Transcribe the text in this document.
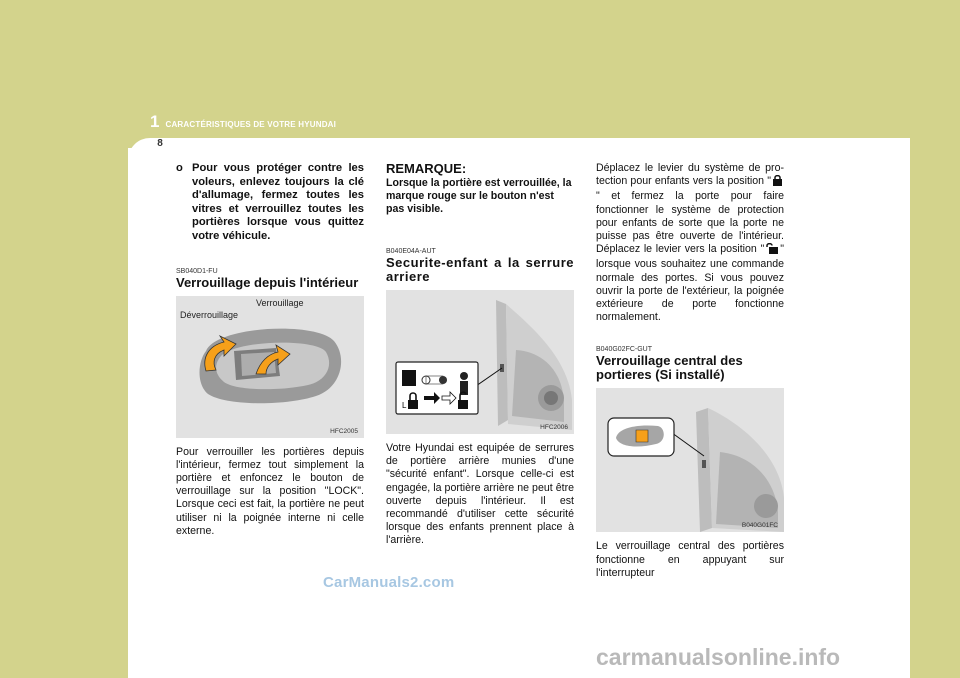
1 CARACTÉRISTIQUES DE VOTRE HYUNDAI
8
o Pour vous protéger contre les voleurs, enlevez toujours la clé d'allumage, fermez toutes les vitres et verrouillez toutes les portières lorsque vous quittez votre véhicule.

SB040D1-FU

Verrouillage depuis l'intérieur

Déverrouillage
Verrouillage
HFC2005

Pour verrouiller les portières depuis l'intérieur, fermez tout simplement la portière et enfoncez le bouton de verrouillage sur la position "LOCK". Lorsque ceci est fait, la portière ne peut utiliser ni la poignée interne ni celle externe.

REMARQUE:

Lorsque la portière est verrouillée, la marque rouge sur le bouton n'est pas visible.

B040E04A-AUT

Securite-enfant a la serrure arriere

L
HFC2006

Votre Hyundai est equipée de serrures de portière arrière munies d'une "sécurité enfant". Lorsque celle-ci est engagée, la portière arrière ne peut être ouverte depuis l'intérieur. Il est recommandé d'utiliser cette sécurité lorsque des enfants prennent place à l'arrière.

Déplacez le levier du système de pro-tection pour enfants vers la position "" et fermez la porte pour faire fonctionner le système de protection pour enfants de sorte que la porte ne puisse pas être ouverte de l'intérieur. Déplacez le levier vers la position " " lorsque vous souhaitez une commande normale des portes. Si vous pouvez ouvrir la porte de l'extérieur, la poignée extérieure de porte fonctionne normalement.

B040G02FC-GUT

Verrouillage central des portieres (Si installé)

B040G01FC

Le verrouillage central des portières fonctionne en appuyant sur l'interrupteur

CarManuals2.com
carmanualsonline.info
